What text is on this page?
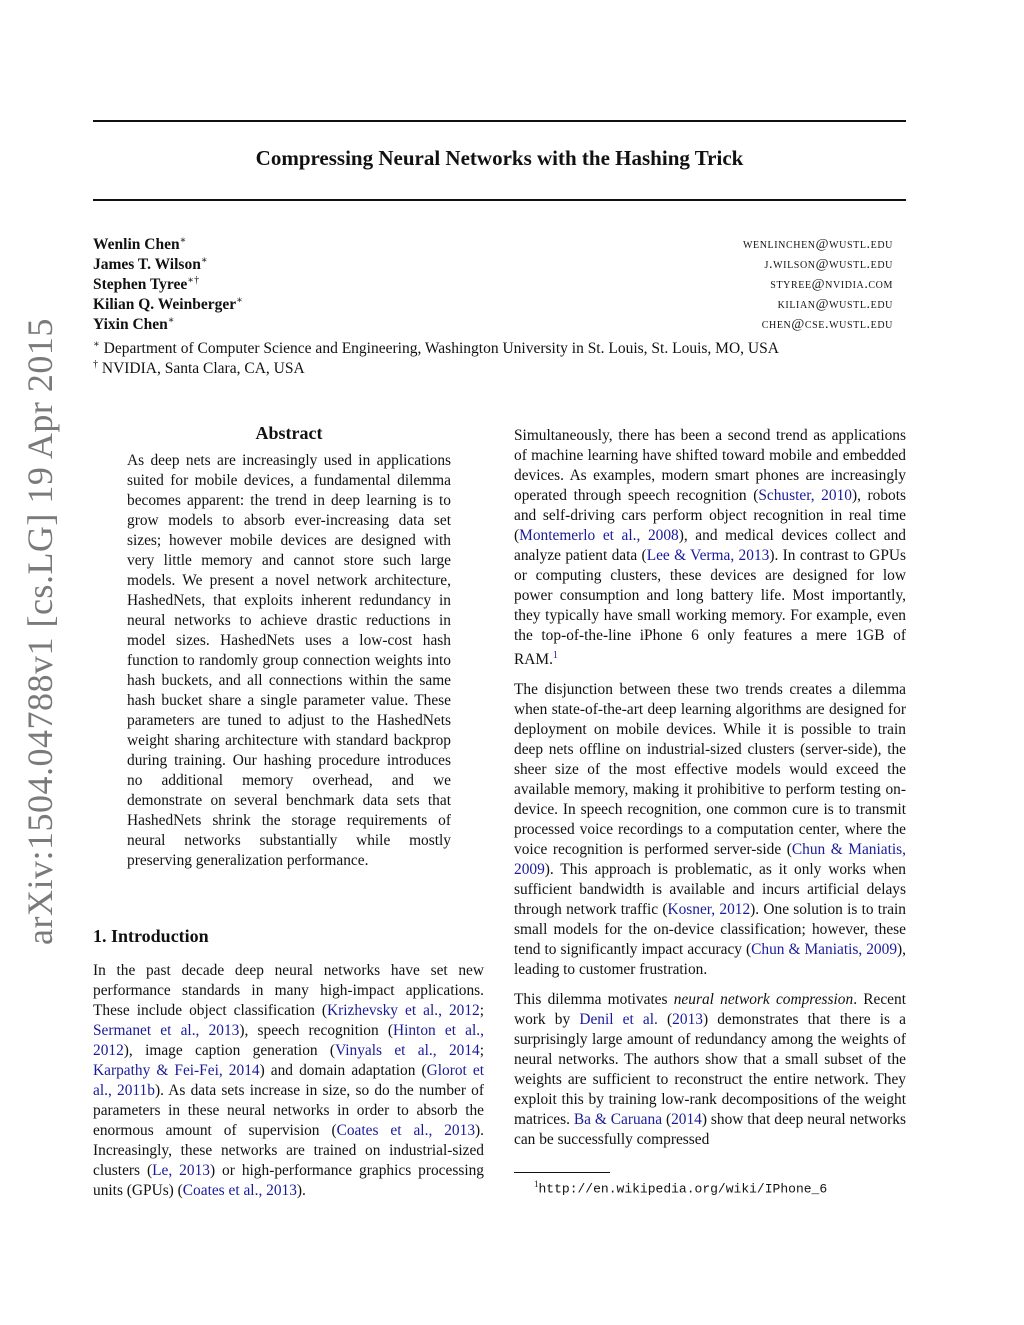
Compressing Neural Networks with the Hashing Trick
Wenlin Chen∗	wenlinchen@wustl.edu
James T. Wilson∗	j.wilson@wustl.edu
Stephen Tyree∗†	styree@nvidia.com
Kilian Q. Weinberger∗	kilian@wustl.edu
Yixin Chen∗	chen@cse.wustl.edu
∗ Department of Computer Science and Engineering, Washington University in St. Louis, St. Louis, MO, USA
† NVIDIA, Santa Clara, CA, USA
arXiv:1504.04788v1 [cs.LG] 19 Apr 2015	Abstract
As deep nets are increasingly used in applications suited for mobile devices, a fundamental dilemma becomes apparent: the trend in deep learning is to grow models to absorb ever-increasing data set sizes; however mobile devices are designed with very little memory and cannot store such large models. We present a novel network architecture, HashedNets, that exploits inherent redundancy in neural networks to achieve drastic reductions in model sizes. HashedNets uses a low-cost hash function to randomly group connection weights into hash buckets, and all connections within the same hash bucket share a single parameter value. These parameters are tuned to adjust to the HashedNets weight sharing architecture with standard backprop during training. Our hashing procedure introduces no additional memory overhead, and we demonstrate on several benchmark data sets that HashedNets shrink the storage requirements of neural networks substantially while mostly preserving generalization performance.
1. Introduction
In the past decade deep neural networks have set new performance standards in many high-impact applications. These include object classification (Krizhevsky et al., 2012; Sermanet et al., 2013), speech recognition (Hinton et al., 2012), image caption generation (Vinyals et al., 2014; Karpathy & Fei-Fei, 2014) and domain adaptation (Glorot et al., 2011b). As data sets increase in size, so do the number of parameters in these neural networks in order to absorb the enormous amount of supervision (Coates et al., 2013). Increasingly, these networks are trained on industrial-sized clusters (Le, 2013) or high-performance graphics processing units (GPUs) (Coates et al., 2013).

Simultaneously, there has been a second trend as applications of machine learning have shifted toward mobile and embedded devices. As examples, modern smart phones are increasingly operated through speech recognition (Schuster, 2010), robots and self-driving cars perform object recognition in real time (Montemerlo et al., 2008), and medical devices collect and analyze patient data (Lee & Verma, 2013). In contrast to GPUs or computing clusters, these devices are designed for low power consumption and long battery life. Most importantly, they typically have small working memory. For example, even the top-of-the-line iPhone 6 only features a mere 1GB of RAM.$^1$

The disjunction between these two trends creates a dilemma when state-of-the-art deep learning algorithms are designed for deployment on mobile devices. While it is possible to train deep nets offline on industrial-sized clusters (server-side), the sheer size of the most effective models would exceed the available memory, making it prohibitive to perform testing on-device. In speech recognition, one common cure is to transmit processed voice recordings to a computation center, where the voice recognition is performed server-side (Chun & Maniatis, 2009). This approach is problematic, as it only works when sufficient bandwidth is available and incurs artificial delays through network traffic (Kosner, 2012). One solution is to train small models for the on-device classification; however, these tend to significantly impact accuracy (Chun & Maniatis, 2009), leading to customer frustration.

This dilemma motivates neural network compression. Recent work by Denil et al. (2013) demonstrates that there is a surprisingly large amount of redundancy among the weights of neural networks. The authors show that a small subset of the weights are sufficient to reconstruct the entire network. They exploit this by training low-rank decompositions of the weight matrices. Ba & Caruana (2014) show that deep neural networks can be successfully compressed

$^1$http://en.wikipedia.org/wiki/IPhone_6
